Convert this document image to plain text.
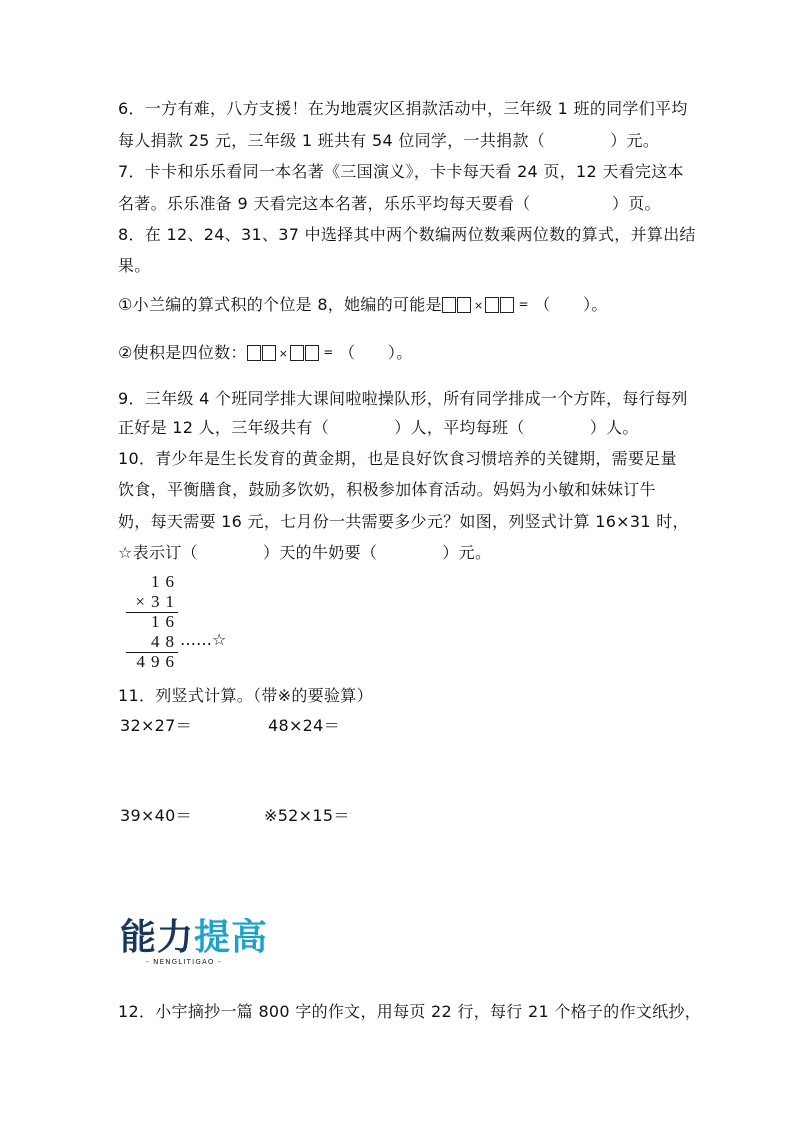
6．一方有难，八方支援！在为地震灾区捐款活动中，三年级 1 班的同学们平均
每人捐款 25 元，三年级 1 班共有 54 位同学，一共捐款（　　　　）元。
7．卡卡和乐乐看同一本名著《三国演义》，卡卡每天看 24 页，12 天看完这本
名著。乐乐准备 9 天看完这本名著，乐乐平均每天要看（　　　　　）页。
8．在 12、24、31、37 中选择其中两个数编两位数乘两位数的算式，并算出结
果。
①小兰编的算式积的个位是 8，她编的可能是	×	= （　　）。
②使积是四位数：	×	= （　　）。
9．三年级 4 个班同学排大课间啦啦操队形，所有同学排成一个方阵，每行每列
正好是 12 人，三年级共有（　　　　）人，平均每班（　　　　）人。
10．青少年是生长发育的黄金期，也是良好饮食习惯培养的关键期，需要足量
饮食，平衡膳食，鼓励多饮奶，积极参加体育活动。妈妈为小敏和妹妹订牛
奶，每天需要 16 元，七月份一共需要多少元？如图，列竖式计算 16×31 时，
☆表示订（　　　　）天的牛奶要（　　　　）元。
16
×31
16
48 ……☆
496
11．列竖式计算。（带※的要验算）
32×27＝	48×24＝
39×40＝	※52×15＝
能力提高
- NENGLITIGAO -
12．小宇摘抄一篇 800 字的作文，用每页 22 行，每行 21 个格子的作文纸抄，
